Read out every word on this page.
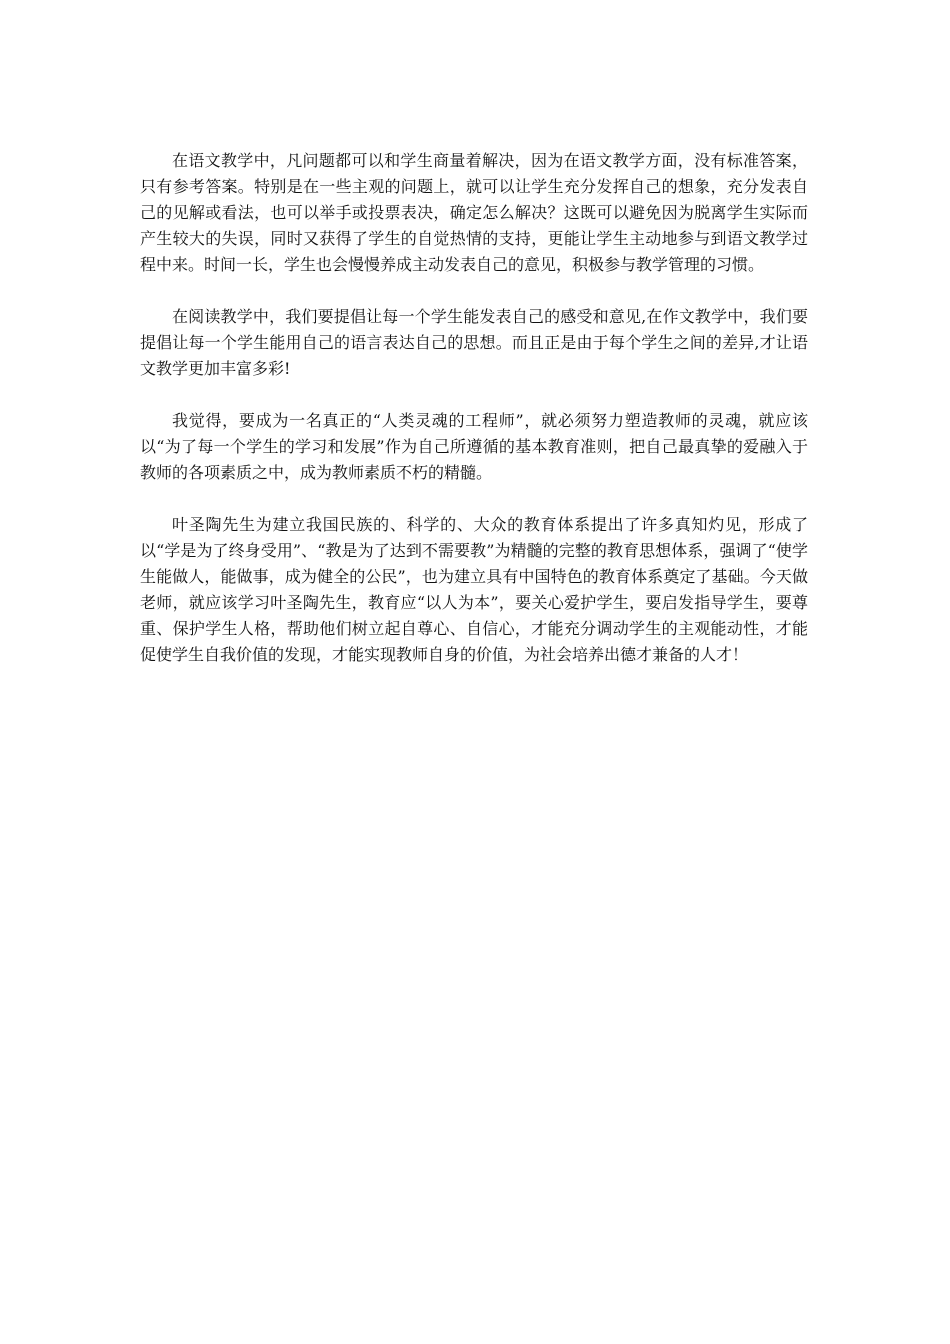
在语文教学中，凡问题都可以和学生商量着解决，因为在语文教学方面，没有标准答案，只有参考答案。特别是在一些主观的问题上，就可以让学生充分发挥自己的想象，充分发表自己的见解或看法，也可以举手或投票表决，确定怎么解决？这既可以避免因为脱离学生实际而产生较大的失误，同时又获得了学生的自觉热情的支持，更能让学生主动地参与到语文教学过程中来。时间一长，学生也会慢慢养成主动发表自己的意见，积极参与教学管理的习惯。

在阅读教学中，我们要提倡让每一个学生能发表自己的感受和意见,在作文教学中，我们要提倡让每一个学生能用自己的语言表达自己的思想。而且正是由于每个学生之间的差异,才让语文教学更加丰富多彩!

我觉得，要成为一名真正的“人类灵魂的工程师”，就必须努力塑造教师的灵魂，就应该以“为了每一个学生的学习和发展”作为自己所遵循的基本教育准则，把自己最真挚的爱融入于教师的各项素质之中，成为教师素质不朽的精髓。

叶圣陶先生为建立我国民族的、科学的、大众的教育体系提出了许多真知灼见，形成了以“学是为了终身受用”、“教是为了达到不需要教”为精髓的完整的教育思想体系，强调了“使学生能做人，能做事，成为健全的公民”，也为建立具有中国特色的教育体系奠定了基础。今天做老师，就应该学习叶圣陶先生，教育应“以人为本”，要关心爱护学生，要启发指导学生，要尊重、保护学生人格，帮助他们树立起自尊心、自信心，才能充分调动学生的主观能动性，才能促使学生自我价值的发现，才能实现教师自身的价值，为社会培养出德才兼备的人才！
